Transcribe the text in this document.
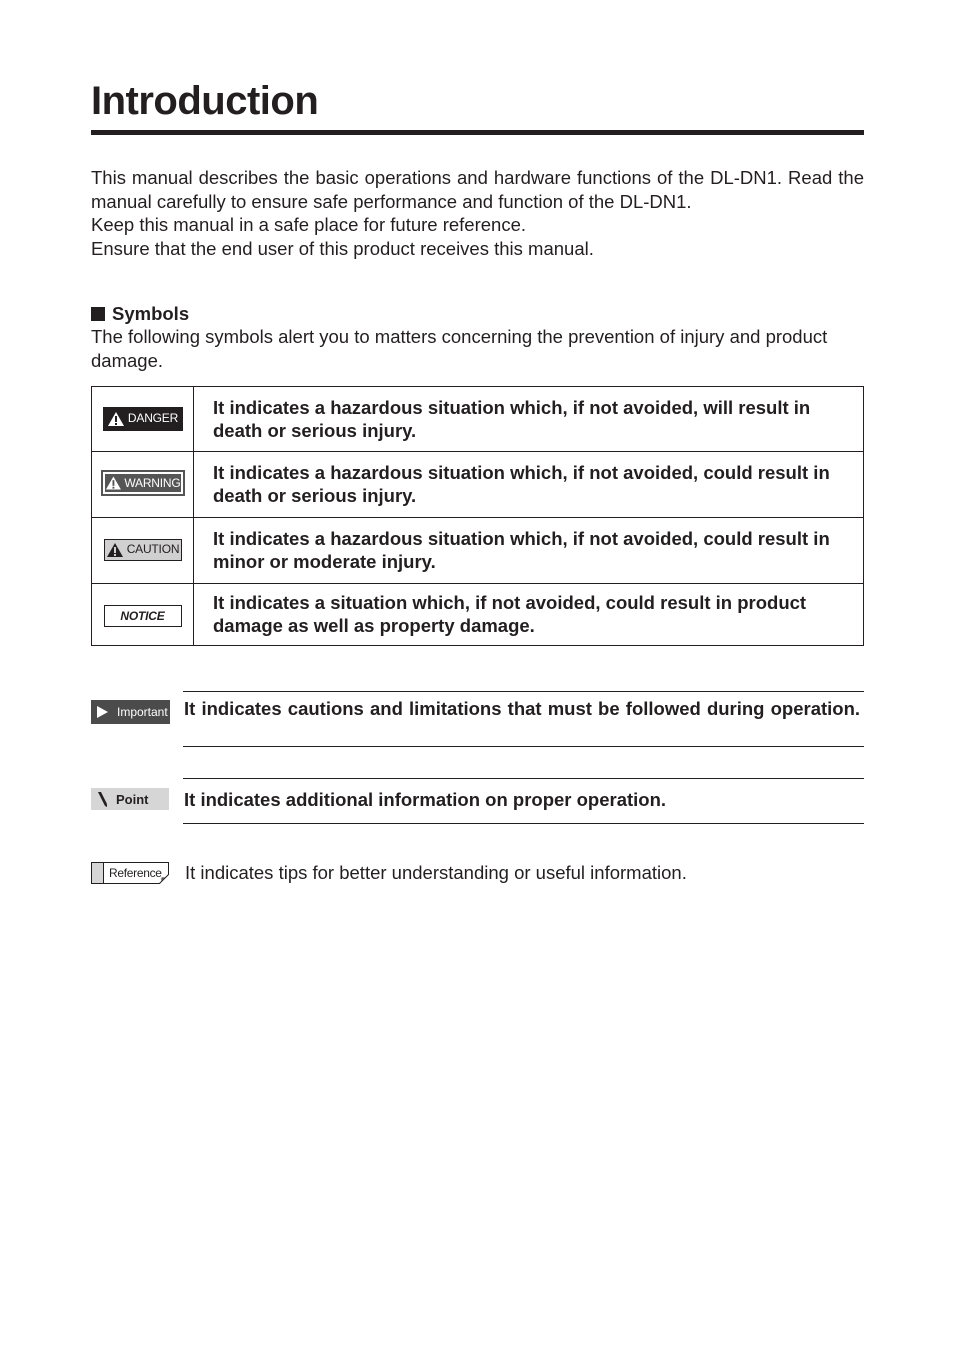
Introduction

This manual describes the basic operations and hardware functions of the DL-DN1. Read the manual carefully to ensure safe performance and function of the DL-DN1.

Keep this manual in a safe place for future reference.

Ensure that the end user of this product receives this manual.

Symbols

The following symbols alert you to matters concerning the prevention of injury and product damage.

DANGER	It indicates a hazardous situation which, if not avoided, will result in death or serious injury.

WARNING	It indicates a hazardous situation which, if not avoided, could result in death or serious injury.

CAUTION	It indicates a hazardous situation which, if not avoided, could result in minor or moderate injury.

NOTICE	It indicates a situation which, if not avoided, could result in product damage as well as property damage.
Important It indicates cautions and limitations that must be followed during operation.

Point It indicates additional information on proper operation.

Reference It indicates tips for better understanding or useful information.
